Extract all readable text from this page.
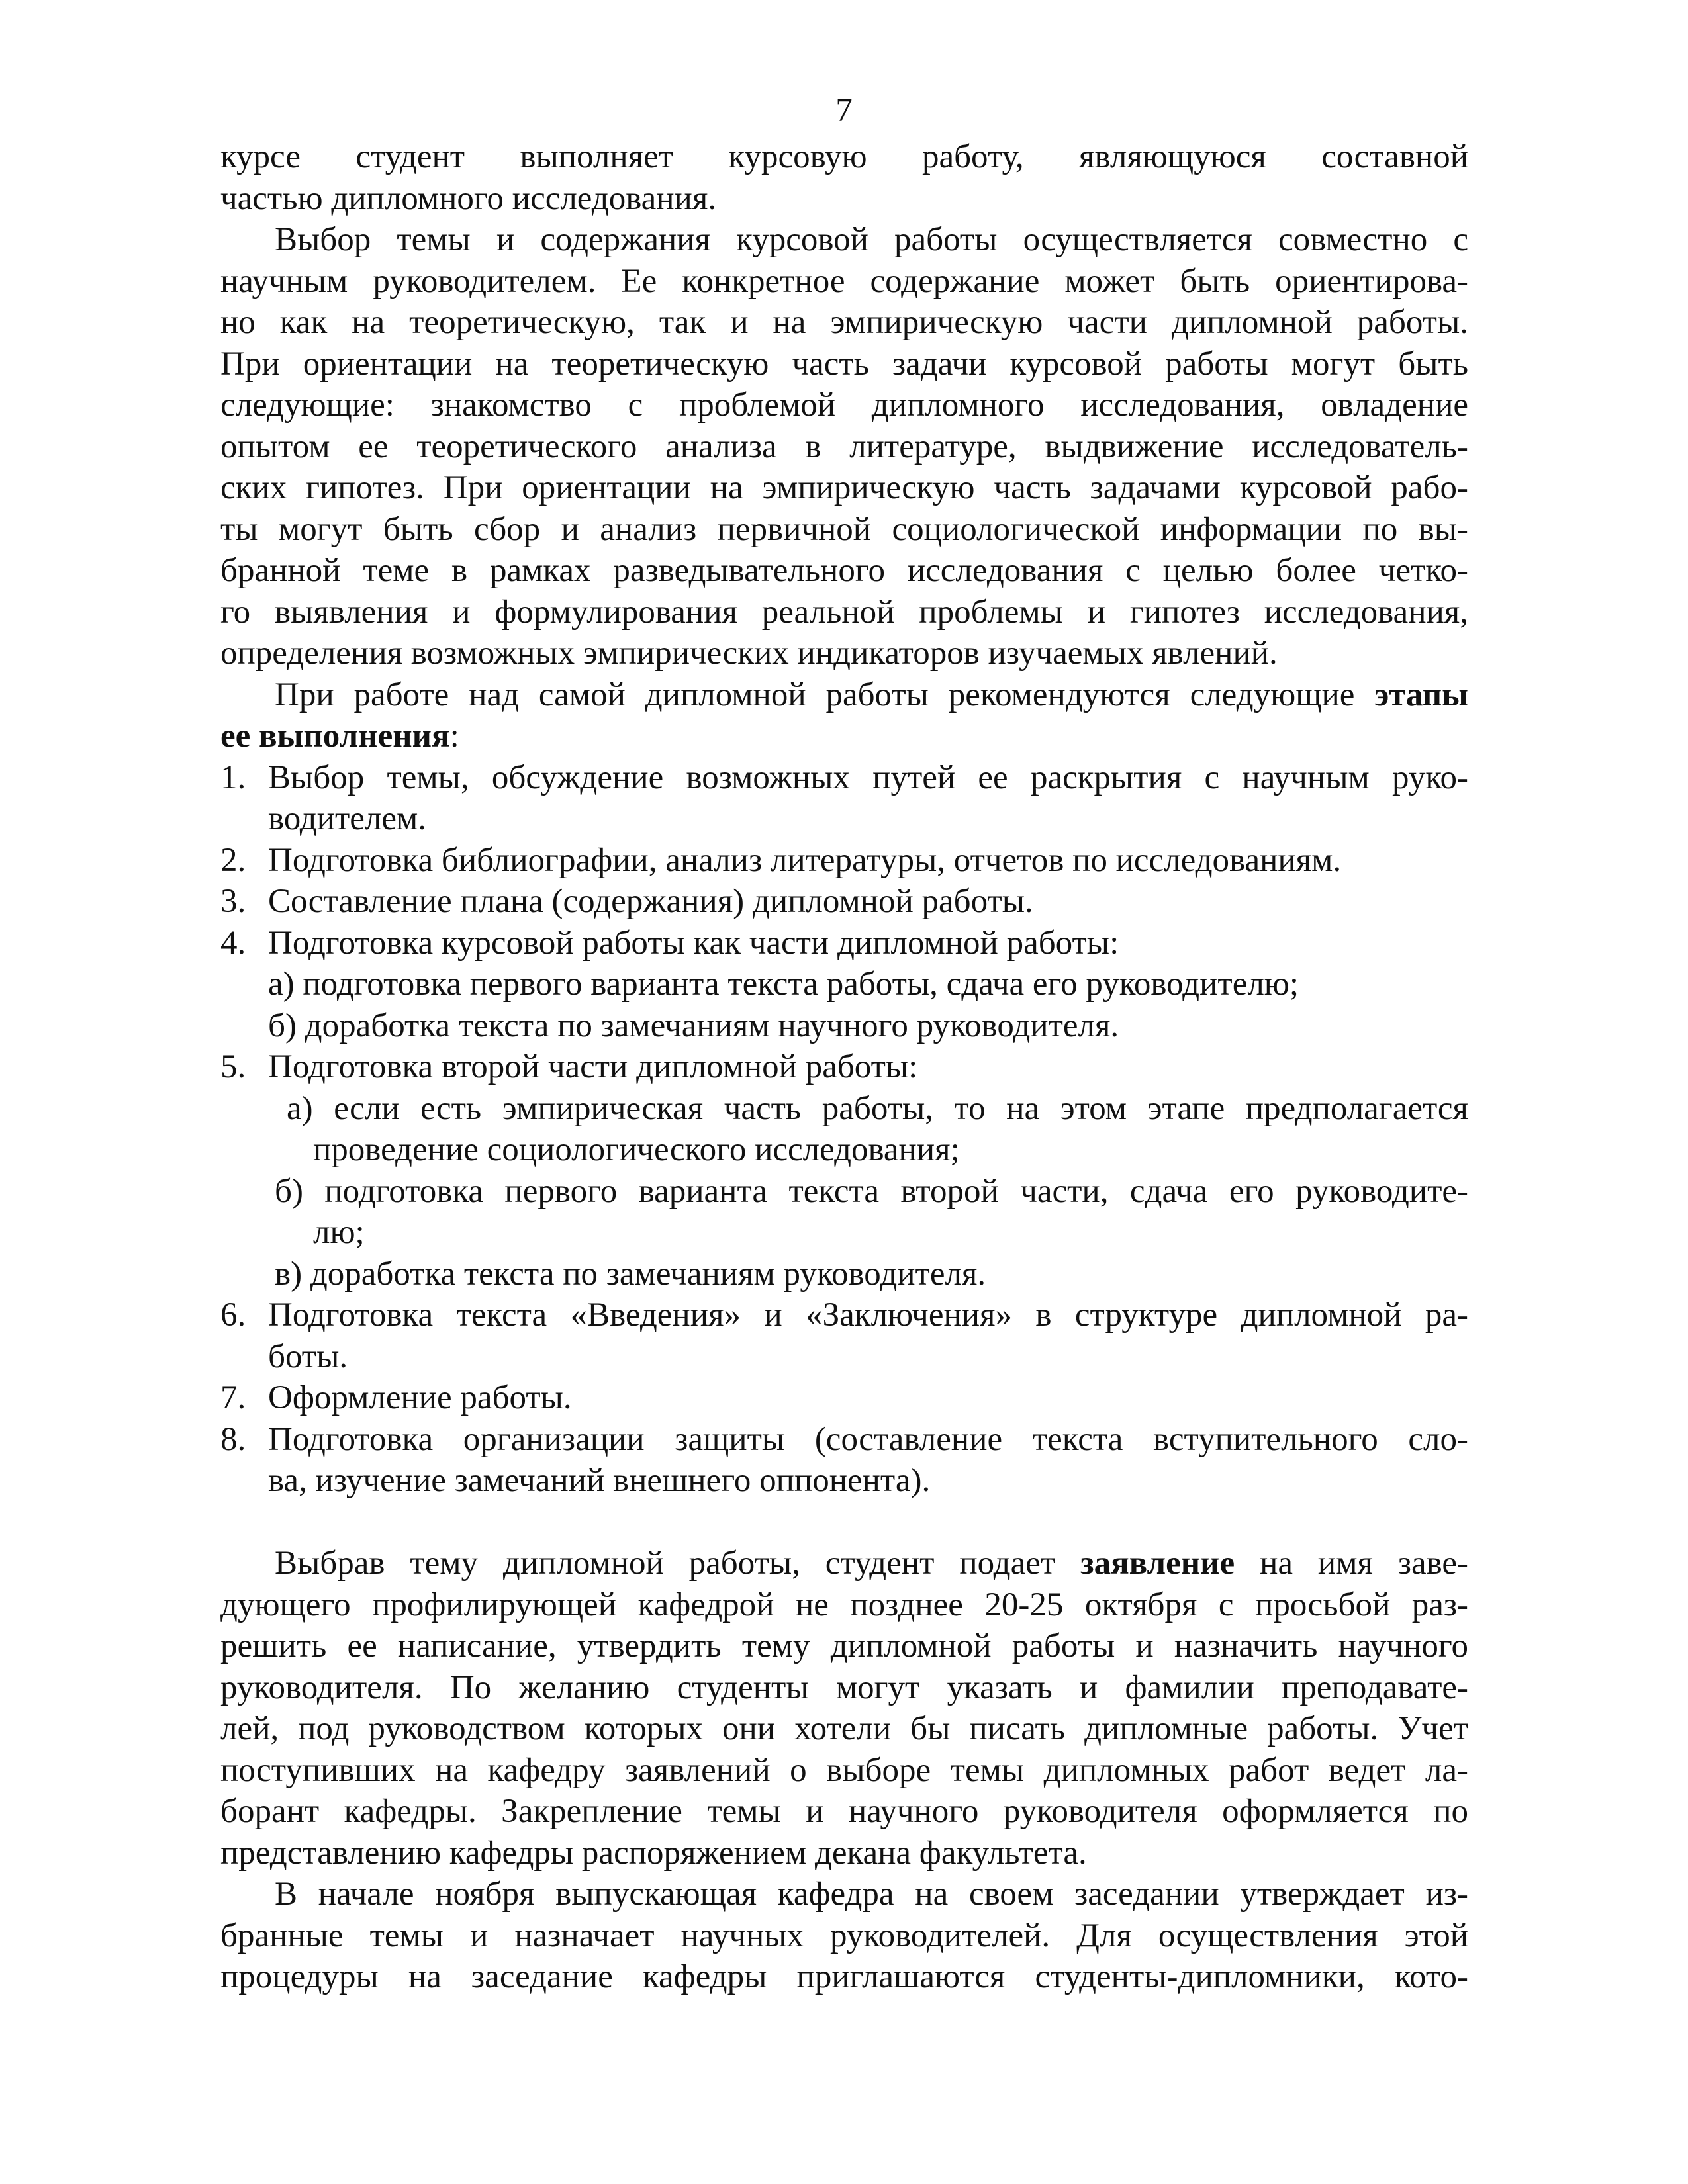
7
курсе студент выполняет курсовую работу, являющуюся составной
частью дипломного исследования.
Выбор темы и содержания курсовой работы осуществляется совместно с
научным руководителем. Ее конкретное содержание может быть ориентирова-
но как на теоретическую, так и на эмпирическую части дипломной работы.
При ориентации на теоретическую часть задачи курсовой работы могут быть
следующие: знакомство с проблемой дипломного исследования, овладение
опытом ее теоретического анализа в литературе, выдвижение исследователь-
ских гипотез. При ориентации на эмпирическую часть задачами курсовой рабо-
ты могут быть сбор и анализ первичной социологической информации по вы-
бранной теме в рамках разведывательного исследования с целью более четко-
го выявления и формулирования реальной проблемы и гипотез исследования,
определения возможных эмпирических индикаторов изучаемых явлений.
При работе над самой дипломной работы рекомендуются следующие этапы
ее выполнения:
1. Выбор темы, обсуждение возможных путей ее раскрытия с научным руко-
водителем.
2. Подготовка библиографии, анализ литературы, отчетов по исследованиям.
3. Составление плана (содержания) дипломной работы.
4. Подготовка курсовой работы как части дипломной работы:
а) подготовка первого варианта текста работы, сдача его руководителю;
б) доработка текста по замечаниям научного руководителя.
5. Подготовка второй части дипломной работы:
а) если есть эмпирическая часть работы, то на этом этапе предполагается
проведение социологического исследования;
б) подготовка первого варианта текста второй части, сдача его руководите-
лю;
в) доработка текста по замечаниям руководителя.
6. Подготовка текста «Введения» и «Заключения» в структуре дипломной ра-
боты.
7. Оформление работы.
8. Подготовка организации защиты (составление текста вступительного сло-
ва, изучение замечаний внешнего оппонента).
Выбрав тему дипломной работы, студент подает заявление на имя заве-
дующего профилирующей кафедрой не позднее 20-25 октября с просьбой раз-
решить ее написание, утвердить тему дипломной работы и назначить научного
руководителя. По желанию студенты могут указать и фамилии преподавате-
лей, под руководством которых они хотели бы писать дипломные работы. Учет
поступивших на кафедру заявлений о выборе темы дипломных работ ведет ла-
борант кафедры. Закрепление темы и научного руководителя оформляется по
представлению кафедры распоряжением декана факультета.
В начале ноября выпускающая кафедра на своем заседании утверждает из-
бранные темы и назначает научных руководителей. Для осуществления этой
процедуры на заседание кафедры приглашаются студенты-дипломники, кото-
